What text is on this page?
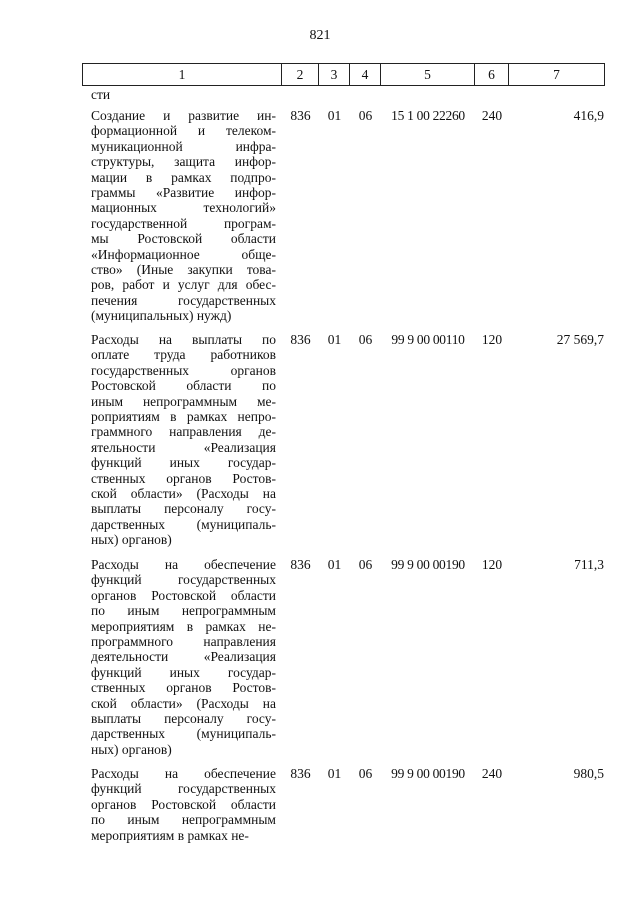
821
1	2	3	4	5	6	7
сти
Создание и развитие ин-
формационной и телеком-
муникационной	инфра-
структуры, защита инфор-
мации в рамках подпро-
граммы «Развитие инфор-
мационных	технологий»
государственной	програм-
мы Ростовской области
«Информационное	обще-
ство» (Иные закупки това-
ров, работ и услуг для обес-
печения	государственных
(муниципальных) нужд)
836	01	06	15 1 00 22260	240	416,9
Расходы на выплаты по
оплате труда работников
государственных	органов
Ростовской области по
иным непрограммным ме-
роприятиям в рамках непро-
граммного направления де-
ятельности	«Реализация
функций иных государ-
ственных органов Ростов-
ской области» (Расходы на
выплаты персоналу госу-
дарственных (муниципаль-
ных) органов)
836	01	06	99 9 00 00110	120	27 569,7
Расходы на обеспечение
функций	государственных
органов Ростовской области
по иным непрограммным
мероприятиям в рамках не-
программного направления
деятельности	«Реализация
функций иных государ-
ственных органов Ростов-
ской области» (Расходы на
выплаты персоналу госу-
дарственных (муниципаль-
ных) органов)
836	01	06	99 9 00 00190	120	711,3
Расходы на обеспечение
функций	государственных
органов Ростовской области
по иным непрограммным
мероприятиям в рамках не-
836	01	06	99 9 00 00190	240	980,5
